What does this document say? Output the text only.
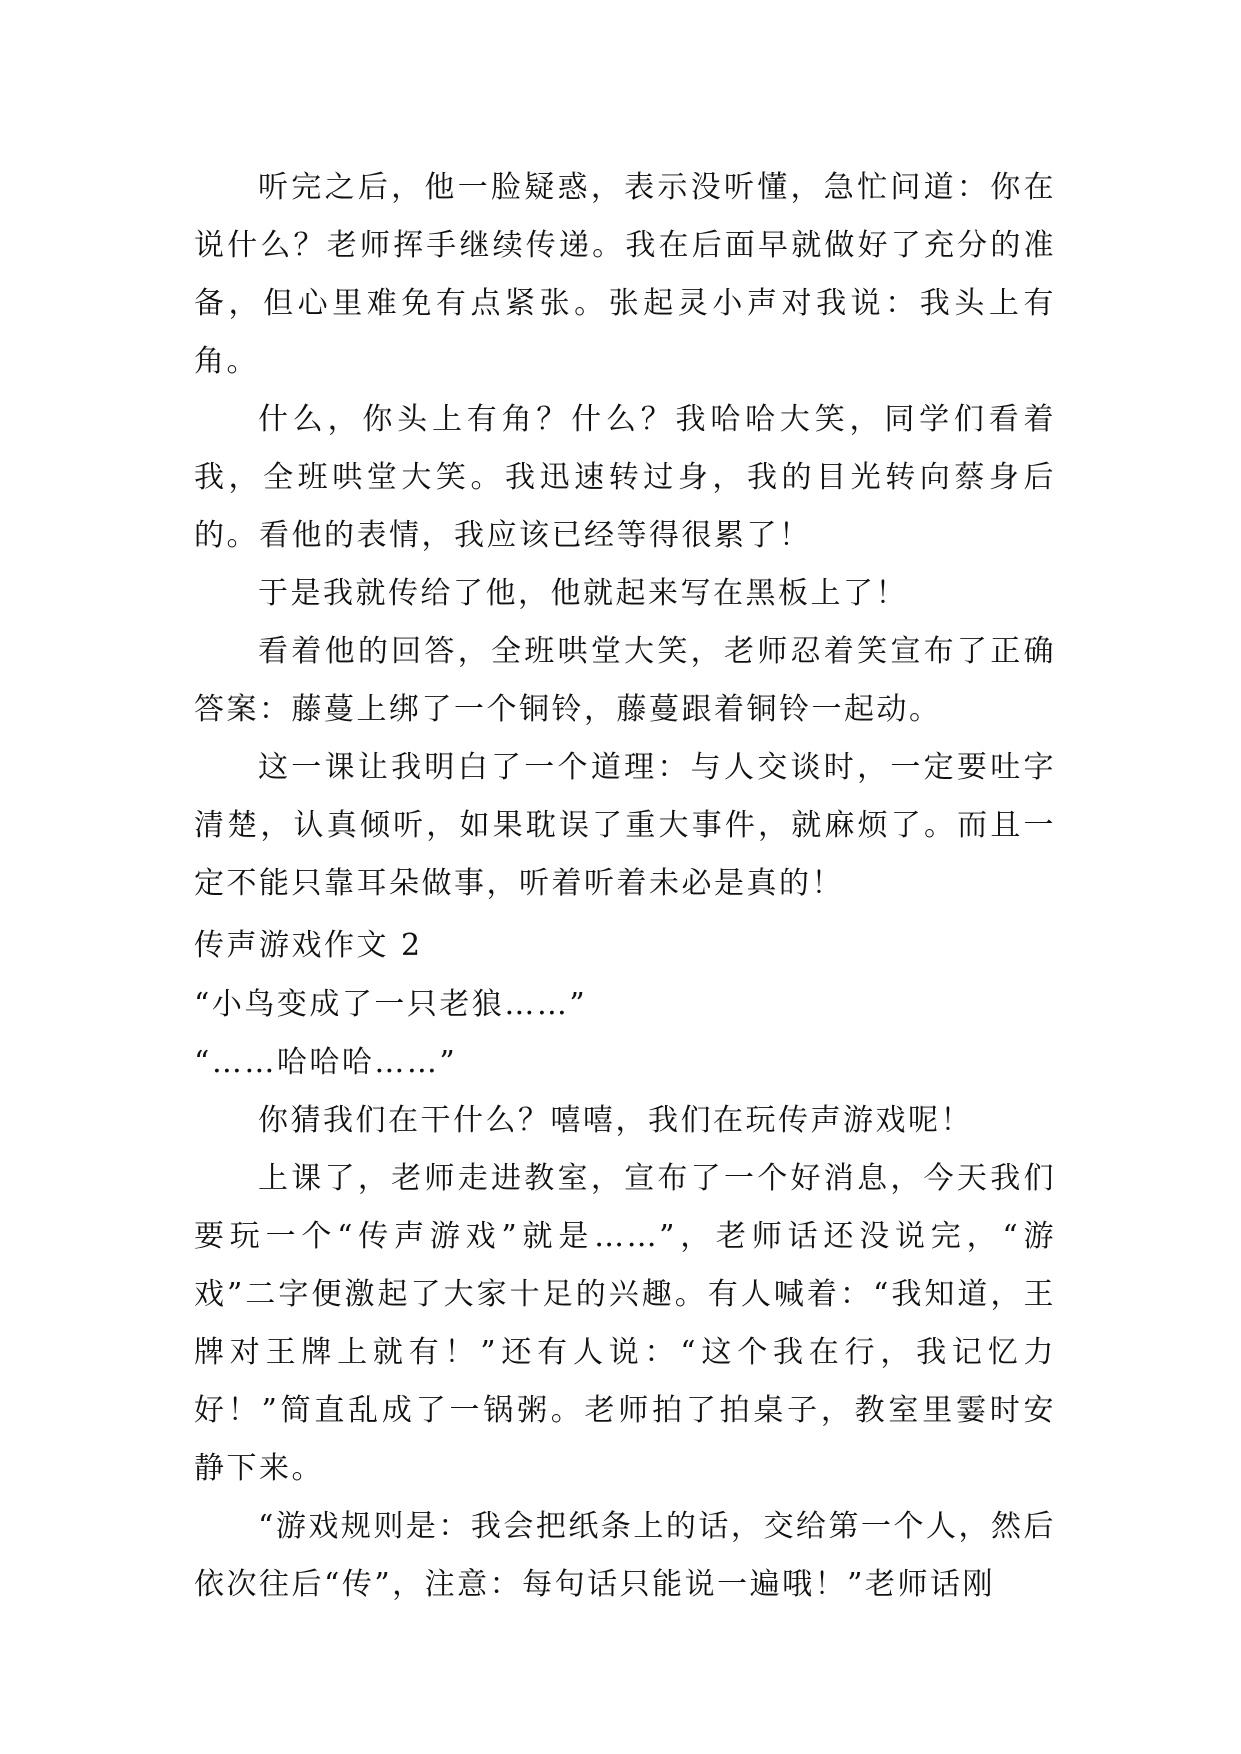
听完之后，他一脸疑惑，表示没听懂，急忙问道：你在说什么？老师挥手继续传递。我在后面早就做好了充分的准备，但心里难免有点紧张。张起灵小声对我说：我头上有角。

什么，你头上有角？什么？我哈哈大笑，同学们看着我，全班哄堂大笑。我迅速转过身，我的目光转向蔡身后的。看他的表情，我应该已经等得很累了！

于是我就传给了他，他就起来写在黑板上了！

看着他的回答，全班哄堂大笑，老师忍着笑宣布了正确答案：藤蔓上绑了一个铜铃，藤蔓跟着铜铃一起动。

这一课让我明白了一个道理：与人交谈时，一定要吐字清楚，认真倾听，如果耽误了重大事件，就麻烦了。而且一定不能只靠耳朵做事，听着听着未必是真的！

传声游戏作文 2

“小鸟变成了一只老狼……”

“……哈哈哈……”

你猜我们在干什么？嘻嘻，我们在玩传声游戏呢！

上课了，老师走进教室，宣布了一个好消息，今天我们要玩一个“传声游戏”就是……”，老师话还没说完，“游戏”二字便激起了大家十足的兴趣。有人喊着：“我知道，王牌对王牌上就有！”还有人说：“这个我在行，我记忆力好！”简直乱成了一锅粥。老师拍了拍桌子，教室里霎时安静下来。

“游戏规则是：我会把纸条上的话，交给第一个人，然后依次往后“传”，注意：每句话只能说一遍哦！”老师话刚
